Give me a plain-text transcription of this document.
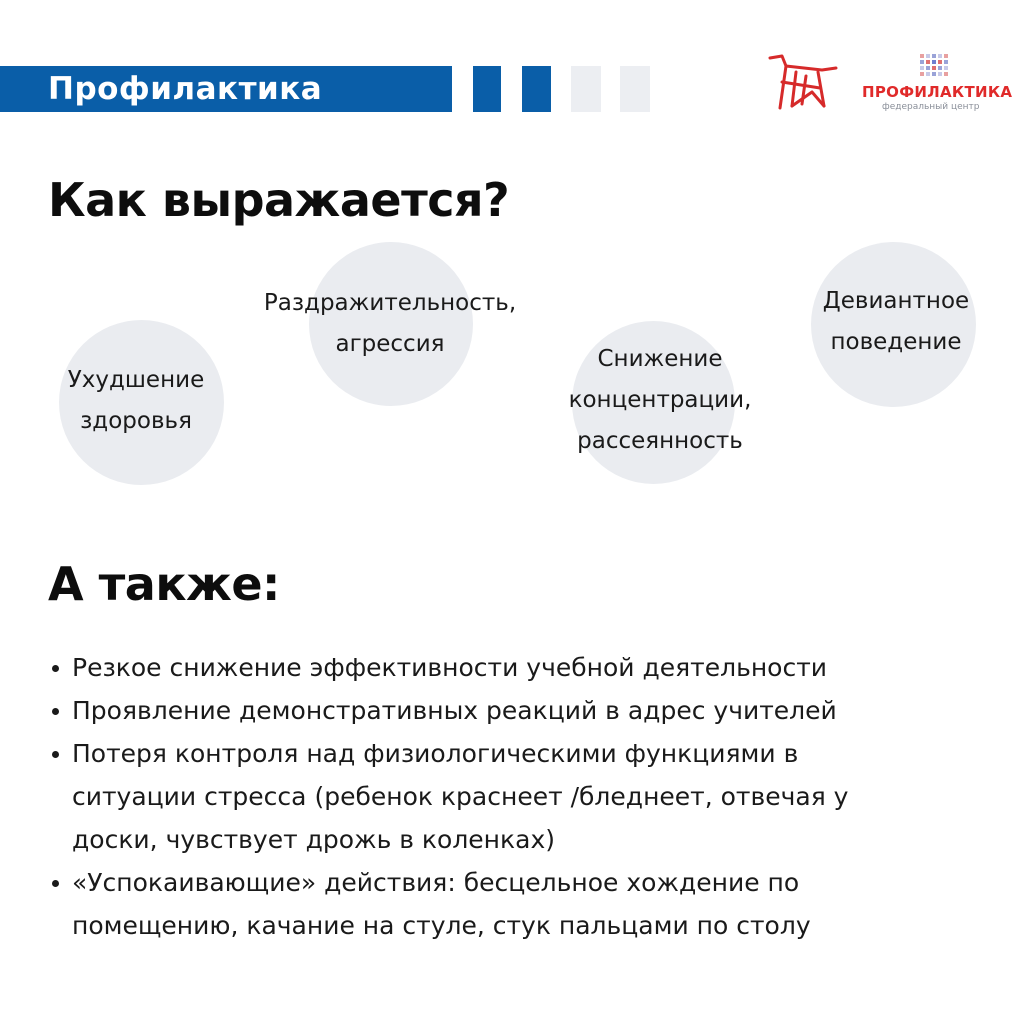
Профилактика	ПРОФИЛАКТИКА
федеральный центр
Как выражается?
Ухудшение
здоровья
Раздражительность,
агрессия
Снижение
концентрации,
рассеянность
Девиантное
поведение
А также:
Резкое снижение эффективности учебной деятельности
Проявление демонстративных реакций в адрес учителей
Потеря контроля над физиологическими функциями в
ситуации стресса (ребенок краснеет /бледнеет, отвечая у
доски, чувствует дрожь в коленках)
«Успокаивающие» действия: бесцельное хождение по
помещению, качание на стуле, стук пальцами по столу
